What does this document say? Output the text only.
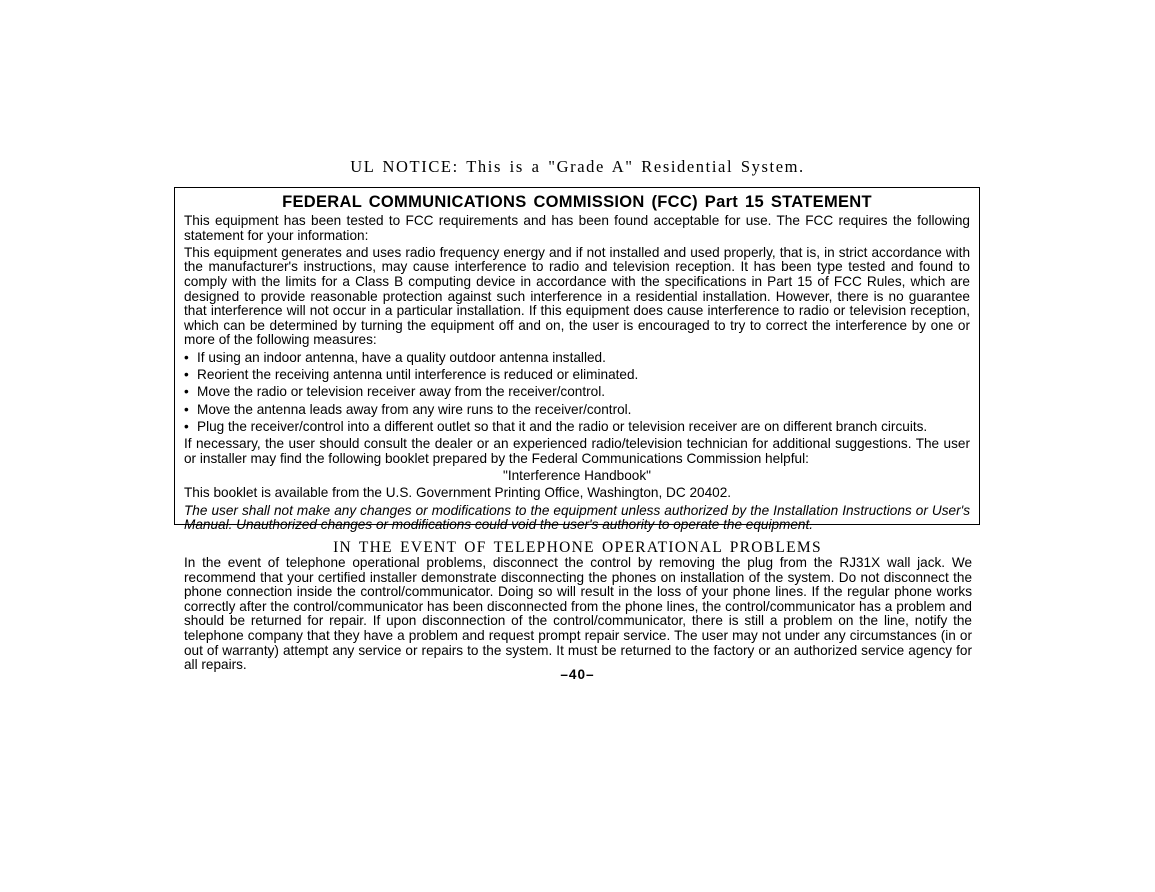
UL NOTICE: This is a "Grade A" Residential System.
FEDERAL COMMUNICATIONS COMMISSION (FCC) Part 15 STATEMENT

This equipment has been tested to FCC requirements and has been found acceptable for use. The FCC requires the following statement for your information:

This equipment generates and uses radio frequency energy and if not installed and used properly, that is, in strict accordance with the manufacturer's instructions, may cause interference to radio and television reception. It has been type tested and found to comply with the limits for a Class B computing device in accordance with the specifications in Part 15 of FCC Rules, which are designed to provide reasonable protection against such interference in a residential installation. However, there is no guarantee that interference will not occur in a particular installation. If this equipment does cause interference to radio or television reception, which can be determined by turning the equipment off and on, the user is encouraged to try to correct the interference by one or more of the following measures:

• If using an indoor antenna, have a quality outdoor antenna installed.
• Reorient the receiving antenna until interference is reduced or eliminated.
• Move the radio or television receiver away from the receiver/control.
• Move the antenna leads away from any wire runs to the receiver/control.
• Plug the receiver/control into a different outlet so that it and the radio or television receiver are on different branch circuits.

If necessary, the user should consult the dealer or an experienced radio/television technician for additional suggestions. The user or installer may find the following booklet prepared by the Federal Communications Commission helpful:

"Interference Handbook"

This booklet is available from the U.S. Government Printing Office, Washington, DC 20402.

The user shall not make any changes or modifications to the equipment unless authorized by the Installation Instructions or User's Manual. Unauthorized changes or modifications could void the user's authority to operate the equipment.

IN THE EVENT OF TELEPHONE OPERATIONAL PROBLEMS

In the event of telephone operational problems, disconnect the control by removing the plug from the RJ31X wall jack. We recommend that your certified installer demonstrate disconnecting the phones on installation of the system. Do not disconnect the phone connection inside the control/communicator. Doing so will result in the loss of your phone lines. If the regular phone works correctly after the control/communicator has been disconnected from the phone lines, the control/communicator has a problem and should be returned for repair. If upon disconnection of the control/communicator, there is still a problem on the line, notify the telephone company that they have a problem and request prompt repair service. The user may not under any circumstances (in or out of warranty) attempt any service or repairs to the system. It must be returned to the factory or an authorized service agency for all repairs.

–40–
